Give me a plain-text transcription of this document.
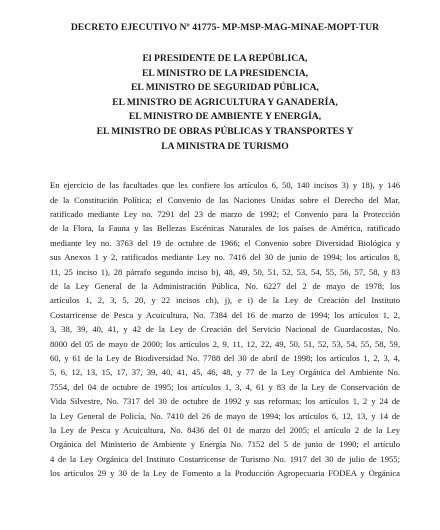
DECRETO EJECUTIVO Nº 41775- MP-MSP-MAG-MINAE-MOPT-TUR
El PRESIDENTE DE LA REPÚBLICA,
EL MINISTRO DE LA PRESIDENCIA,
EL MINISTRO DE SEGURIDAD PÚBLICA,
EL MINISTRO DE AGRICULTURA Y GANADERÍA,
EL MINISTRO DE AMBIENTE Y ENERGÍA,
EL MINISTRO DE OBRAS PÚBLICAS Y TRANSPORTES Y
LA MINISTRA DE TURISMO
En ejercicio de las facultades que les confiere los artículos 6, 50, 140 incisos 3) y 18), y 146
de la Constitución Política; el Convenio de las Naciones Unidas sobre el Derecho del Mar,
ratificado mediante Ley no. 7291 del 23 de marzo de 1992; el Convenio para la Protección
de la Flora, la Fauna y las Bellezas Escénicas Naturales de los países de América, ratificado
mediante ley no. 3763 del 19 de octubre de 1966; el Convenio sobre Diversidad Biológica y
sus Anexos 1 y 2, ratificados mediante Ley no. 7416 del 30 de junio de 1994; los artículos 8,
11, 25 inciso 1), 28 párrafo segundo inciso b), 48, 49, 50, 51, 52, 53, 54, 55, 56, 57, 58, y 83
de la Ley General de la Administración Pública, No. 6227 del 2 de mayo de 1978; los
artículos 1, 2, 3, 5, 20, y 22 incisos ch), j), e i) de la Ley de Creación del Instituto
Costarricense de Pesca y Acuicultura, No. 7384 del 16 de marzo de 1994; los artículos 1, 2,
3, 38, 39, 40, 41, y 42 de la Ley de Creación del Servicio Nacional de Guardacostas, No.
8000 del 05 de mayo de 2000; los artículos 2, 9, 11, 12, 22, 49, 50, 51, 52, 53, 54, 55, 58, 59,
60, y 61 de la Ley de Biodiversidad No. 7788 del 30 de abril de 1998; los artículos 1, 2, 3, 4,
5, 6, 12, 13, 15, 17, 37, 39, 40, 41, 45, 46, 48, y 77 de la Ley Orgánica del Ambiente No.
7554, del 04 de octubre de 1995; los artículos 1, 3, 4, 61 y 83 de la Ley de Conservación de
Vida Silvestre, No. 7317 del 30 de octubre de 1992 y sus reformas; los artículos 1, 2 y 24 de
la Ley General de Policía, No. 7410 del 26 de mayo de 1994; los artículos 6, 12, 13, y 14 de
la Ley de Pesca y Acuicultura, No. 8436 del 01 de marzo del 2005; el artículo 2 de la Ley
Orgánica del Ministerio de Ambiente y Energía No. 7152 del 5 de junio de 1990; el artículo
4 de la Ley Orgánica del Instituto Costarricense de Turismo No. 1917 del 30 de julio de 1955;
los artículos 29 y 30 de la Ley de Fomento a la Producción Agropecuaria FODEA y Orgánica
